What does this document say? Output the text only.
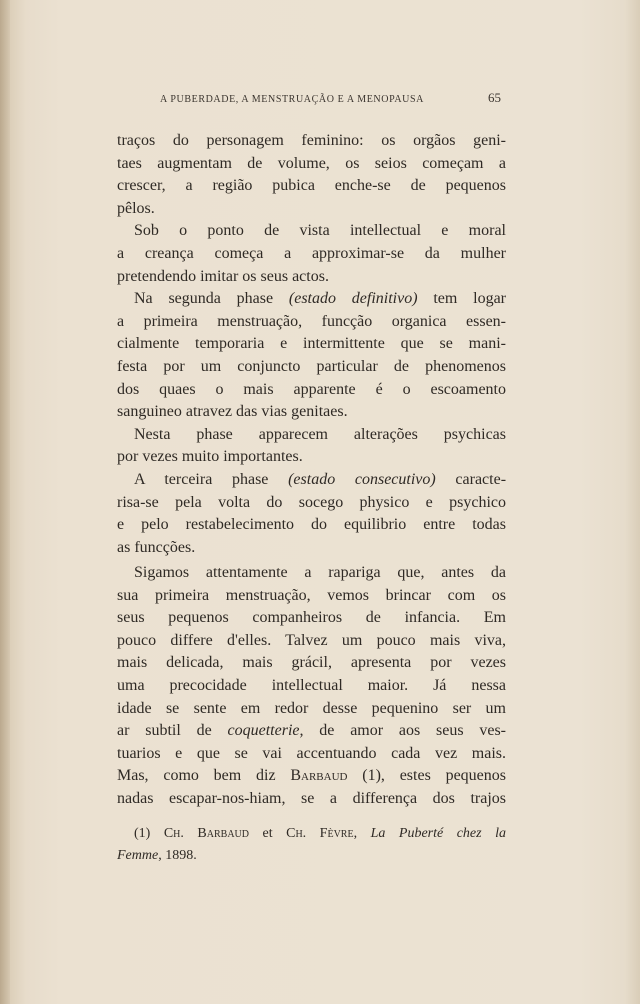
A PUBERDADE, A MENSTRUAÇÃO E A MENOPAUSA	65
traços do personagem feminino: os orgãos geni-
taes augmentam de volume, os seios começam a
crescer, a região pubica enche-se de pequenos
pêlos.
Sob o ponto de vista intellectual e moral
a creança começa a approximar-se da mulher
pretendendo imitar os seus actos.
Na segunda phase (estado definitivo) tem logar
a primeira menstruação, funcção organica essen-
cialmente temporaria e intermittente que se mani-
festa por um conjuncto particular de phenomenos
dos quaes o mais apparente é o escoamento
sanguineo atravez das vias genitaes.
Nesta phase apparecem alterações psychicas
por vezes muito importantes.
A terceira phase (estado consecutivo) caracte-
risa-se pela volta do socego physico e psychico
e pelo restabelecimento do equilibrio entre todas
as funcções.
Sigamos attentamente a rapariga que, antes da
sua primeira menstruação, vemos brincar com os
seus pequenos companheiros de infancia. Em
pouco differe d'elles. Talvez um pouco mais viva,
mais delicada, mais grácil, apresenta por vezes
uma precocidade intellectual maior. Já nessa
idade se sente em redor desse pequenino ser um
ar subtil de coquetterie, de amor aos seus ves-
tuarios e que se vai accentuando cada vez mais.
Mas, como bem diz Barbaud (1), estes pequenos
nadas escapar-nos-hiam, se a differença dos trajos
(1) Ch. Barbaud et Ch. Fèvre, La Puberté chez la
Femme, 1898.
